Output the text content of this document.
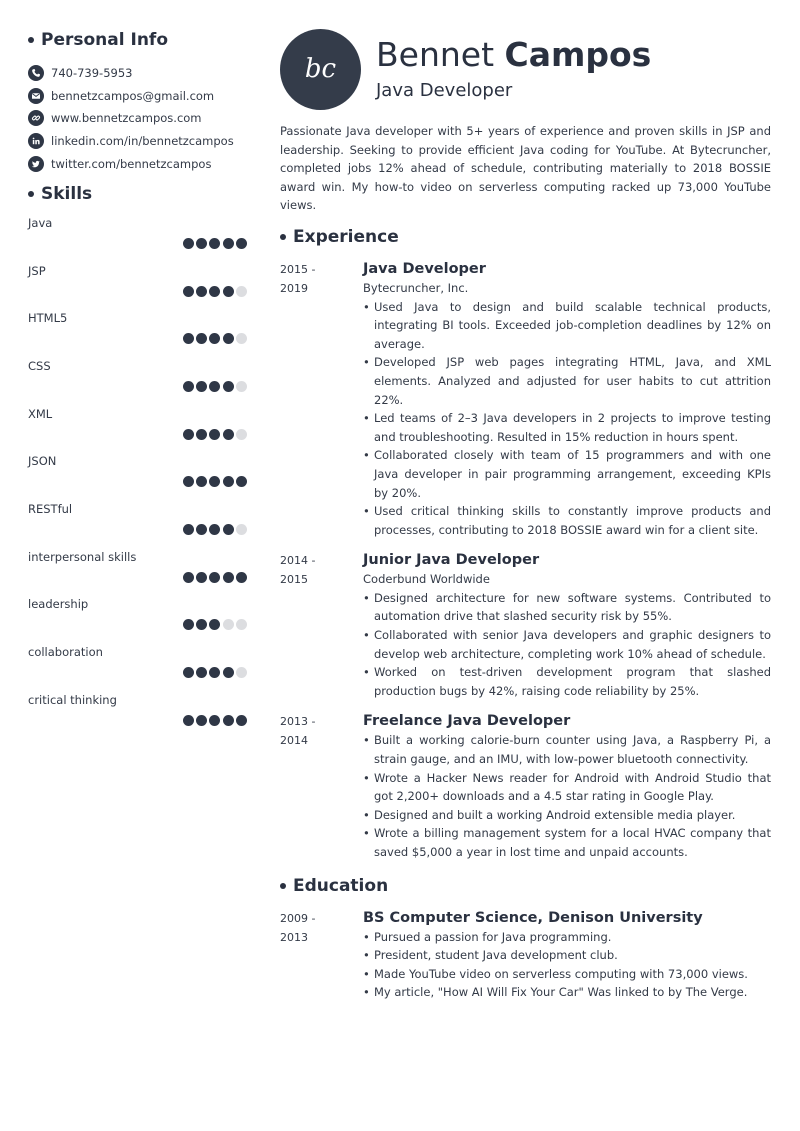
Personal Info
740-739-5953
bennetzcampos@gmail.com
www.bennetzcampos.com
linkedin.com/in/bennetzcampos
twitter.com/bennetzcampos
Skills
Java
JSP
HTML5
CSS
XML
JSON
RESTful
interpersonal skills
leadership
collaboration
critical thinking
bc Bennet Campos
Java Developer

Passionate Java developer with 5+ years of experience and proven skills in JSP and leadership. Seeking to provide efficient Java coding for YouTube. At Bytecruncher, completed jobs 12% ahead of schedule, contributing materially to 2018 BOSSIE award win. My how-to video on serverless computing racked up 73,000 YouTube views.

Experience
2015 -
2019
Java Developer
Bytecruncher, Inc.
• Used Java to design and build scalable technical products, integrating BI tools. Exceeded job-completion deadlines by 12% on average.
• Developed JSP web pages integrating HTML, Java, and XML elements. Analyzed and adjusted for user habits to cut attrition 22%.
• Led teams of 2–3 Java developers in 2 projects to improve testing and troubleshooting. Resulted in 15% reduction in hours spent.
• Collaborated closely with team of 15 programmers and with one Java developer in pair programming arrangement, exceeding KPIs by 20%.
• Used critical thinking skills to constantly improve products and processes, contributing to 2018 BOSSIE award win for a client site.
2014 -
2015
Junior Java Developer
Coderbund Worldwide
• Designed architecture for new software systems. Contributed to automation drive that slashed security risk by 55%.
• Collaborated with senior Java developers and graphic designers to develop web architecture, completing work 10% ahead of schedule.
• Worked on test-driven development program that slashed production bugs by 42%, raising code reliability by 25%.
2013 -
2014
Freelance Java Developer
• Built a working calorie-burn counter using Java, a Raspberry Pi, a strain gauge, and an IMU, with low-power bluetooth connectivity.
• Wrote a Hacker News reader for Android with Android Studio that got 2,200+ downloads and a 4.5 star rating in Google Play.
• Designed and built a working Android extensible media player.
• Wrote a billing management system for a local HVAC company that saved $5,000 a year in lost time and unpaid accounts.
Education
2009 -
2013
BS Computer Science, Denison University
• Pursued a passion for Java programming.
• President, student Java development club.
• Made YouTube video on serverless computing with 73,000 views.
• My article, "How AI Will Fix Your Car" Was linked to by The Verge.
